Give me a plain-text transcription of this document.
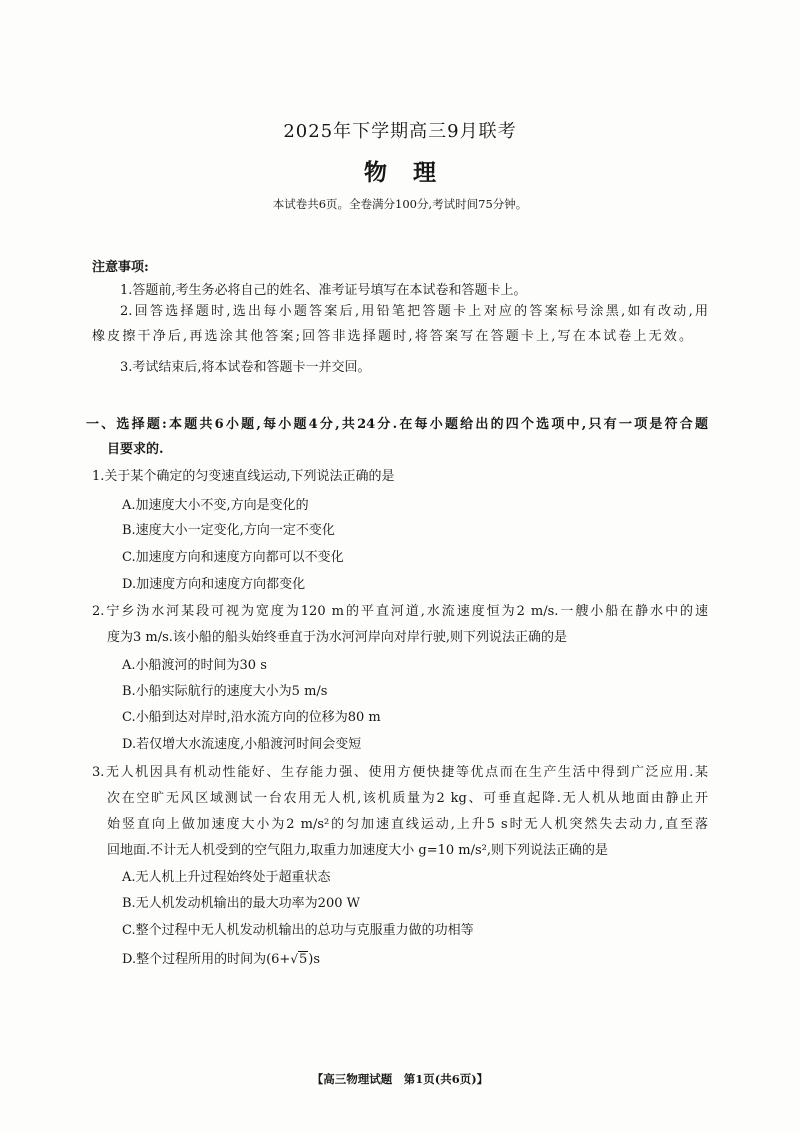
2025年下学期高三9月联考
物理
本试卷共6页。全卷满分100分,考试时间75分钟。
注意事项:
1.答题前,考生务必将自己的姓名、准考证号填写在本试卷和答题卡上。
2.回答选择题时,选出每小题答案后,用铅笔把答题卡上对应的答案标号涂黑,如有改动,用
橡皮擦干净后,再选涂其他答案;回答非选择题时,将答案写在答题卡上,写在本试卷上无效。
3.考试结束后,将本试卷和答题卡一并交回。
一、选择题:本题共6小题,每小题4分,共24分.在每小题给出的四个选项中,只有一项是符合题
目要求的.
1.关于某个确定的匀变速直线运动,下列说法正确的是
A.加速度大小不变,方向是变化的
B.速度大小一定变化,方向一定不变化
C.加速度方向和速度方向都可以不变化
D.加速度方向和速度方向都变化
2.宁乡沩水河某段可视为宽度为120 m的平直河道,水流速度恒为2 m/s.一艘小船在静水中的速
度为3 m/s.该小船的船头始终垂直于沩水河河岸向对岸行驶,则下列说法正确的是
A.小船渡河的时间为30 s
B.小船实际航行的速度大小为5 m/s
C.小船到达对岸时,沿水流方向的位移为80 m
D.若仅增大水流速度,小船渡河时间会变短
3.无人机因具有机动性能好、生存能力强、使用方便快捷等优点而在生产生活中得到广泛应用.某
次在空旷无风区域测试一台农用无人机,该机质量为2 kg、可垂直起降.无人机从地面由静止开
始竖直向上做加速度大小为2 m/s²的匀加速直线运动,上升5 s时无人机突然失去动力,直至落
回地面.不计无人机受到的空气阻力,取重力加速度大小 g=10 m/s²,则下列说法正确的是
A.无人机上升过程始终处于超重状态
B.无人机发动机输出的最大功率为200 W
C.整个过程中无人机发动机输出的总功与克服重力做的功相等
D.整个过程所用的时间为(6+√5)s
【高三物理试题　第1页(共6页)】
